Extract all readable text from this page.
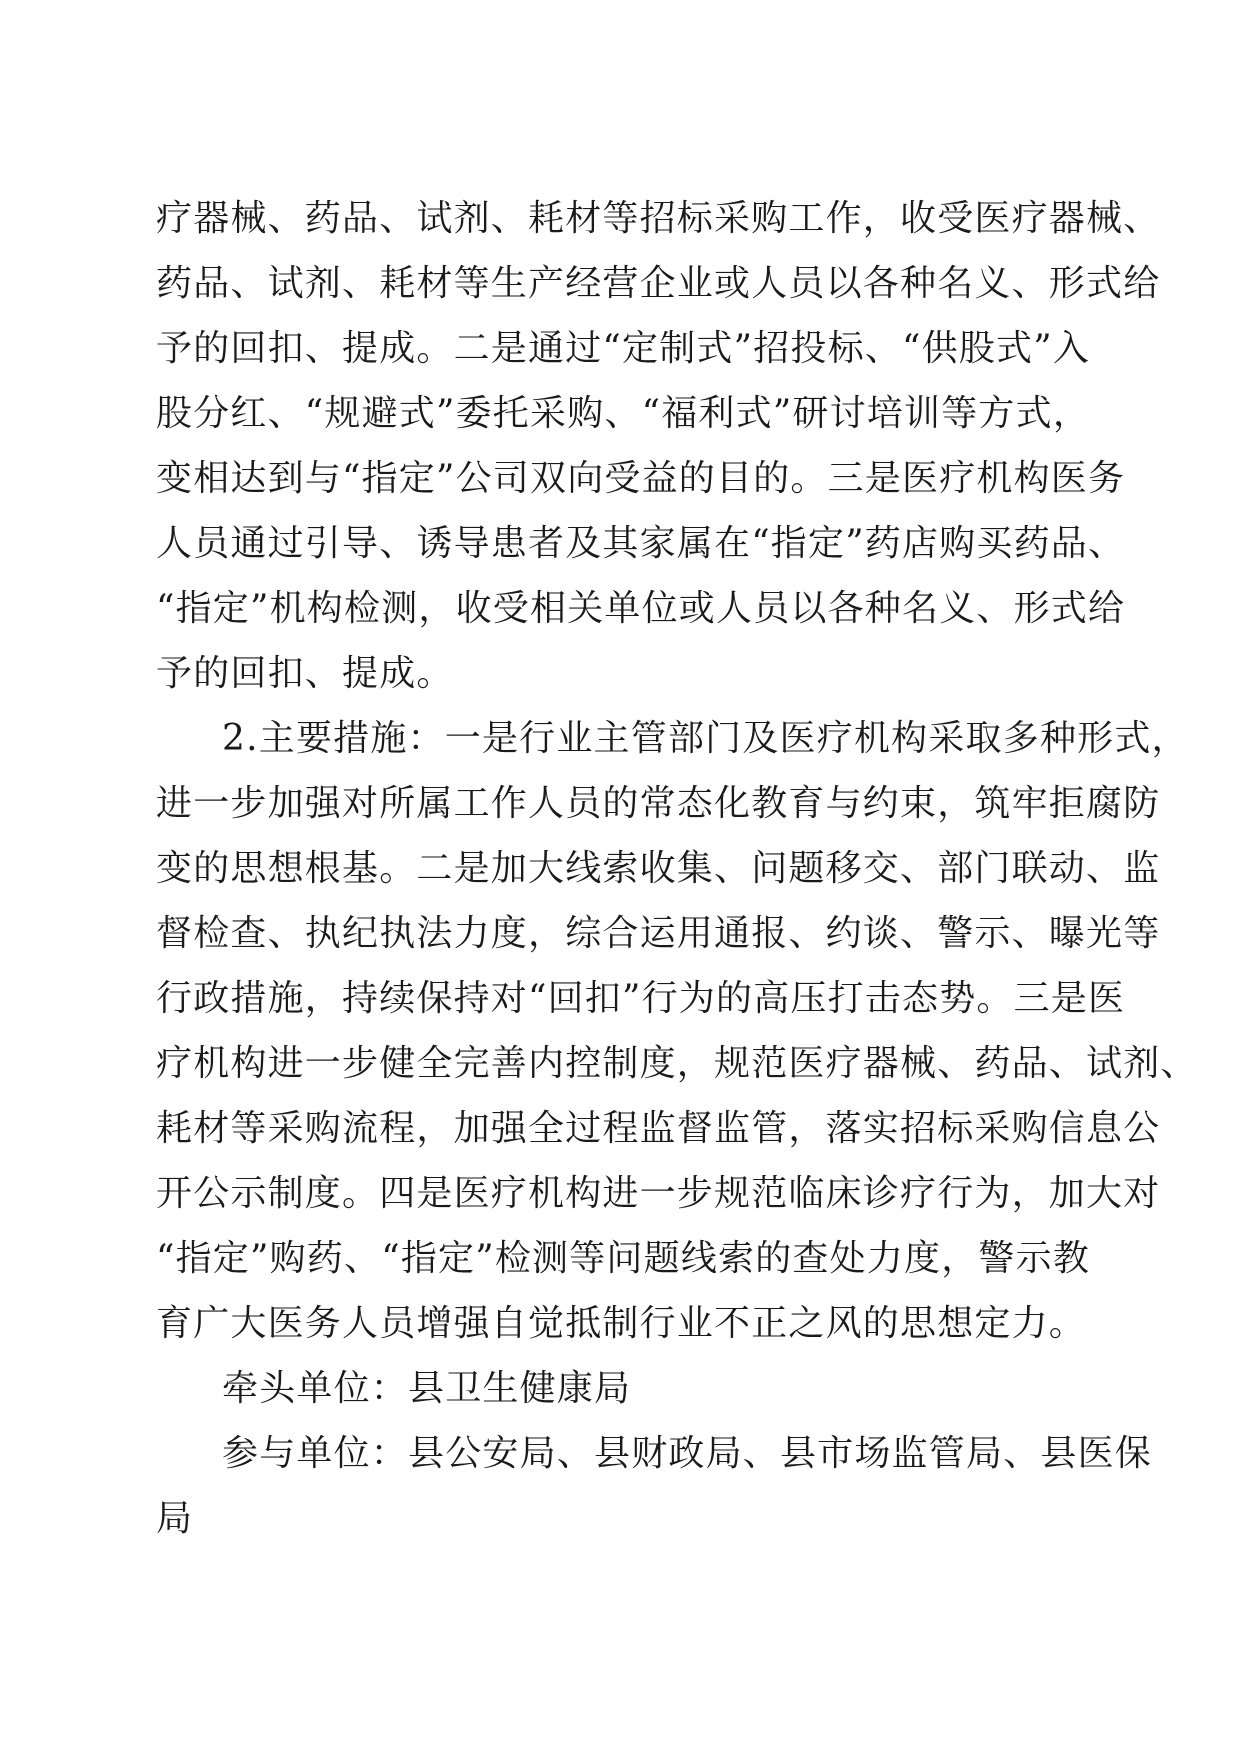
疗器械、药品、试剂、耗材等招标采购工作，收受医疗器械、
药品、试剂、耗材等生产经营企业或人员以各种名义、形式给
予的回扣、提成。二是通过“定制式”招投标、“供股式”入
股分红、“规避式”委托采购、“福利式”研讨培训等方式，
变相达到与“指定”公司双向受益的目的。三是医疗机构医务
人员通过引导、诱导患者及其家属在“指定”药店购买药品、
“指定”机构检测，收受相关单位或人员以各种名义、形式给
予的回扣、提成。
2.主要措施：一是行业主管部门及医疗机构采取多种形式，
进一步加强对所属工作人员的常态化教育与约束，筑牢拒腐防
变的思想根基。二是加大线索收集、问题移交、部门联动、监
督检查、执纪执法力度，综合运用通报、约谈、警示、曝光等
行政措施，持续保持对“回扣”行为的高压打击态势。三是医
疗机构进一步健全完善内控制度，规范医疗器械、药品、试剂、
耗材等采购流程，加强全过程监督监管，落实招标采购信息公
开公示制度。四是医疗机构进一步规范临床诊疗行为，加大对
“指定”购药、“指定”检测等问题线索的查处力度，警示教
育广大医务人员增强自觉抵制行业不正之风的思想定力。
牵头单位：县卫生健康局
参与单位：县公安局、县财政局、县市场监管局、县医保
局
